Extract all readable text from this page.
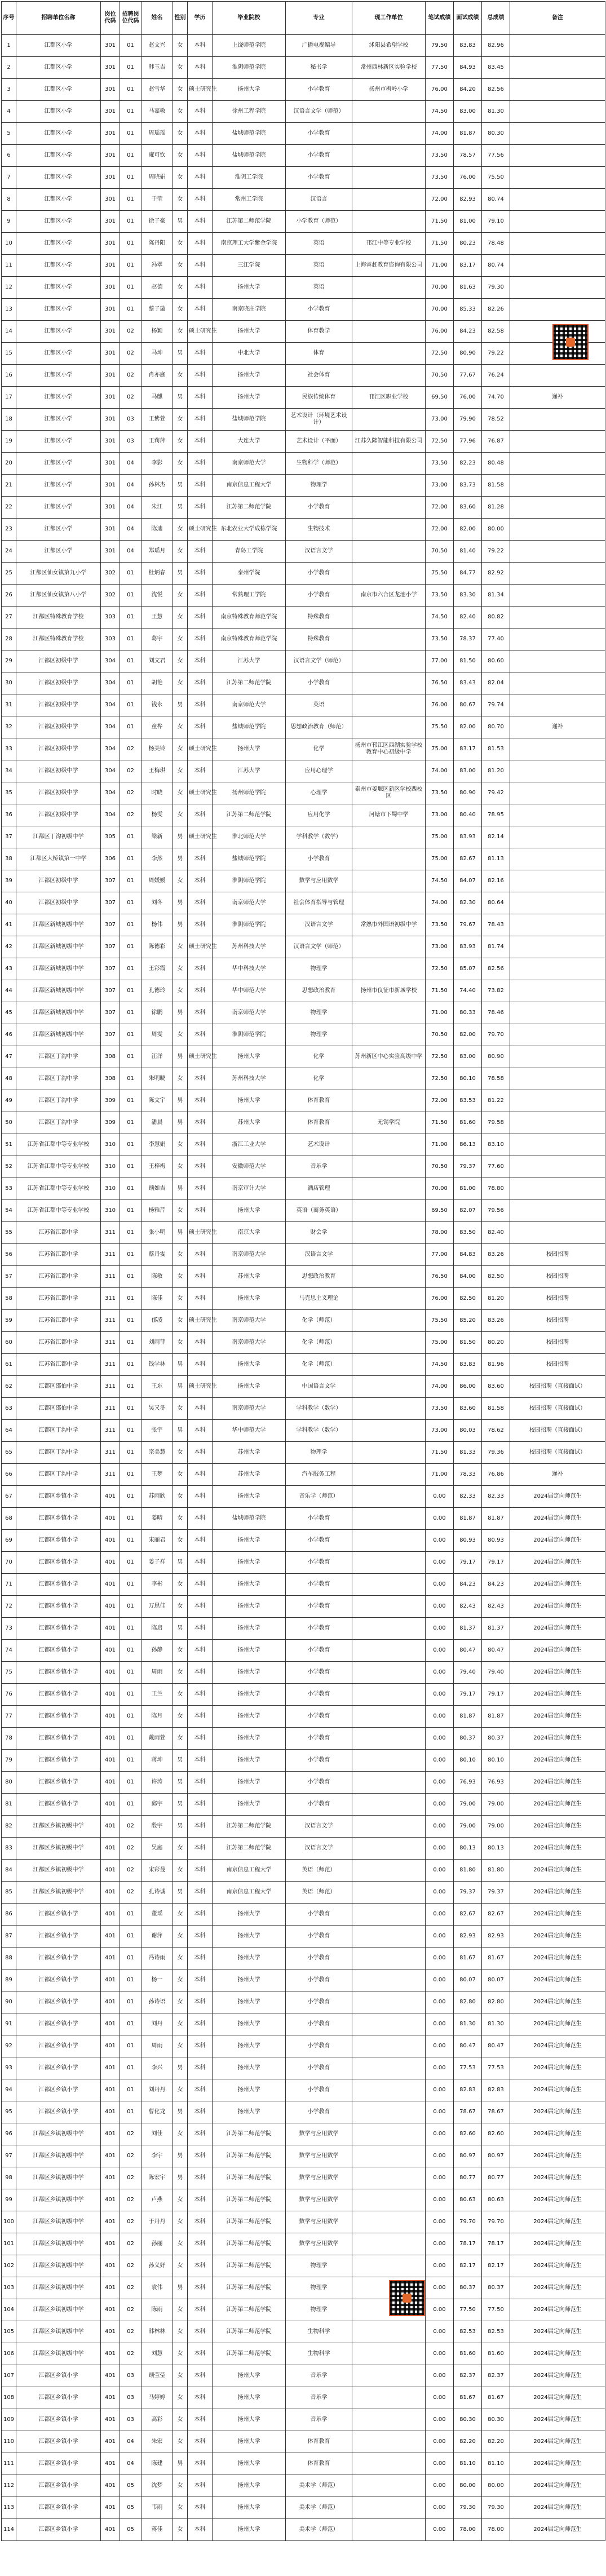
序号	招聘单位名称	岗位代码	招聘岗位代码	姓名	性别	学历	毕业院校	专业	现工作单位	笔试成绩	面试成绩	总成绩	备注
1	江都区小学	301	01	赵文兴	女	本科	上饶师范学院	广播电视编导	沭阳县希望学校	79.50	83.83	82.96	
2	江都区小学	301	01	韩玉吉	女	本科	淮阴师范学院	秘书学	常州西林新区实验学校	77.50	84.93	83.45	
3	江都区小学	301	01	赵雪华	女	硕士研究生	扬州大学	小学教育	扬州市梅岭小学	76.00	84.20	82.56	
4	江都区小学	301	01	马嘉敏	女	本科	徐州工程学院	汉语言文学（师范）		74.50	83.00	81.30	
5	江都区小学	301	01	周瑶瑶	女	本科	盐城师范学院	小学教育		74.00	81.87	80.30	
6	江都区小学	301	01	雍可钦	女	本科	盐城师范学院	小学教育		73.50	78.57	77.56	
7	江都区小学	301	01	周晓娟	女	本科	淮阴工学院	小学教育		73.50	76.00	75.50	
8	江都区小学	301	01	于莹	女	本科	常州工学院	汉语言		72.00	82.93	80.74	
9	江都区小学	301	01	徐子豪	男	本科	江苏第二师范学院	小学教育（师范）		71.50	81.00	79.10	
10	江都区小学	301	01	陈丹阳	女	本科	南京理工大学紫金学院	英语	邗江中等专业学校	71.50	80.23	78.48	
11	江都区小学	301	01	冯翠	女	本科	三江学院	英语	上海睿赶教育咨询有限公司	71.00	83.17	80.74	
12	江都区小学	301	01	赵德	女	本科	扬州大学	英语		70.00	81.63	79.30	
13	江都区小学	301	01	蔡子璇	女	本科	南京晓庄学院	小学教育		70.00	85.33	82.26	
14	江都区小学	301	02	杨颖	女	硕士研究生	扬州大学	体育教学		76.00	84.23	82.58	
15	江都区小学	301	02	马坤	男	本科	中北大学	体育		72.50	80.90	79.22	
16	江都区小学	301	02	肖亦庭	女	本科	扬州大学	社会体育		70.50	77.67	76.24	
17	江都区小学	301	02	马麒	男	本科	扬州大学	民族传统体育	邗江区职业学校	69.50	76.00	74.70	递补
18	江都区小学	301	03	王紫萱	女	本科	盐城师范学院	艺术设计（环境艺术设计）		73.00	79.90	78.52	
19	江都区小学	301	03	王莉萍	女	本科	大连大学	艺术设计（平面）	江苏久隆智能科技有限公司	72.50	77.96	76.87	
20	江都区小学	301	04	李影	女	本科	南京师范大学	生物科学（师范）		73.50	82.23	80.48	
21	江都区小学	301	04	孙林杰	男	本科	南京信息工程大学	物理学		73.00	83.73	81.58	
22	江都区小学	301	04	朱江	男	本科	江苏第二师范学院	小学教育		72.00	83.60	81.28	
23	江都区小学	301	04	陈迪	女	硕士研究生	东北农业大学成栋学院	生物技术		72.00	82.00	80.00	
24	江都区小学	301	04	郑瑶月	女	本科	青岛工学院	汉语言文学		70.50	81.40	79.22	
25	江都区仙女镇第九小学	302	01	杜炳春	男	本科	泰州学院	小学教育		75.50	84.77	82.92	
26	江都区仙女镇第八小学	302	01	沈悦	女	本科	常熟理工学院	小学教育	南京市六合区龙池小学	73.50	83.30	81.34	
27	江都区特殊教育学校	303	01	王慧	女	本科	南京特殊教育师范学院	特殊教育		74.50	82.40	80.82	
28	江都区特殊教育学校	303	01	葛宇	女	本科	南京特殊教育师范学院	特殊教育		73.50	78.37	77.40	
29	江都区初级中学	304	01	刘文君	女	本科	江苏大学	汉语言文学（师范）		77.00	81.50	80.60	
30	江都区初级中学	304	01	胡艳	女	本科	江苏第二师范学院	小学教育		76.50	83.43	82.04	
31	江都区初级中学	304	01	钱永	男	本科	南京师范大学	英语		76.00	80.67	79.74	
32	江都区初级中学	304	01	童桦	女	本科	盐城师范学院	思想政治教育（师范）		75.50	82.00	80.70	递补
33	江都区初级中学	304	02	杨美铃	女	硕士研究生	扬州大学	化学	扬州市邗江区西湖实验学校教育中心初级中学	75.00	83.17	81.53	
34	江都区初级中学	304	02	王梅琪	女	本科	江苏大学	应用心理学		74.00	83.00	81.20	
35	江都区初级中学	304	02	时晓	女	硕士研究生	扬州师范学院	心理学	泰州市姜堰区新区学校西校区	73.50	80.90	79.42	
36	江都区初级中学	304	02	杨雯	女	本科	江苏第二师范学院	应用化学	河塘市下蜀中学	73.00	80.40	78.95	
37	江都区丁沟初级中学	305	01	梁新	男	硕士研究生	淮北师范大学	学科教学（数学）		75.00	83.93	82.14	
38	江都区大桥镇第一中学	306	01	李然	男	本科	盐城师范学院	小学教育		75.00	82.67	81.13	
39	江都区初级中学	307	01	周媛媛	女	本科	淮阴师范学院	数学与应用数学		74.50	84.07	82.16	
40	江都区初级中学	307	01	刘冬	男	本科	南京师范大学	社会体育指导与管理		74.00	82.30	80.64	
41	江都区新城初级中学	307	01	杨伟	男	本科	淮阴师范学院	汉语言文学	常熟市外国语初级中学	73.50	79.67	78.43	
42	江都区新城初级中学	307	01	陈德彩	女	硕士研究生	苏州科技大学	汉语言文学（师范）		73.00	83.93	81.74	
43	江都区新城初级中学	307	01	王彩霞	女	本科	华中科技大学	物理学		72.50	85.07	82.56	
44	江都区新城初级中学	307	01	孔德玲	女	本科	华中师范大学	思想政治教育	扬州市仪征市新城学校	71.50	74.40	73.82	
45	江都区新城初级中学	307	01	徐鹏	男	本科	南京师范大学	物理学		71.00	80.33	78.46	
46	江都区新城初级中学	307	01	周雯	女	本科	淮阴师范学院	物理学		70.50	82.00	79.70	
47	江都区丁沟中学	308	01	汪洋	男	硕士研究生	扬州大学	化学	苏州新区中心实验高级中学	72.50	83.00	80.90	
48	江都区丁沟中学	308	01	朱明晓	女	本科	苏州科技大学	化学		72.50	80.10	78.58	
49	江都区丁沟中学	309	01	陈文宇	男	本科	扬州大学	体育教育		72.00	83.53	81.22	
50	江都区丁沟中学	309	01	潘晨	男	本科	苏州大学	体育教育	无锡学院	71.50	81.60	79.58	
51	江苏省江都中等专业学校	310	01	李慧娟	女	本科	浙江工业大学	艺术设计		71.00	86.13	83.10	
52	江苏省江都中等专业学校	310	01	王梓梅	女	本科	安徽师范大学	音乐学		70.50	79.37	77.60	
53	江苏省江都中等专业学校	310	01	顾如吉	男	本科	南京审计大学	酒店管理		70.00	81.00	78.80	
54	江苏省江都中等专业学校	310	01	杨雅芹	女	本科	扬州大学	英语（商务英语）		69.50	82.07	79.56	
55	江苏省江都中学	311	01	张小明	男	硕士研究生	南京大学	财会学		78.00	83.50	82.40	
56	江苏省江都中学	311	01	蔡丹雯	女	本科	南京师范大学	汉语言文学		77.00	84.83	83.26	校园招聘
57	江苏省江都中学	311	01	陈敏	女	本科	苏州大学	思想政治教育		76.50	84.00	82.50	校园招聘
58	江苏省江都中学	311	01	陈佳	女	本科	扬州大学	马克思主义理论		76.00	82.50	81.20	校园招聘
59	江苏省江都中学	311	01	郁凌	女	硕士研究生	南京师范大学	化学（师范）		75.50	85.20	83.26	校园招聘
60	江苏省江都中学	311	01	刘雨菲	女	本科	南京师范大学	化学（师范）		75.00	81.50	80.20	校园招聘
61	江苏省江都中学	311	01	钱学林	男	本科	扬州大学	化学（师范）		74.50	83.83	81.96	校园招聘
62	江都区邵伯中学	311	01	王东	男	硕士研究生	扬州大学	中国语言文学		74.00	86.00	83.60	校园招聘（直接面试）
63	江都区邵伯中学	311	01	吴又冬	女	本科	南京师范大学	学科教学（数学）		73.50	83.60	81.58	校园招聘（直接面试）
64	江都区丁沟中学	311	01	张宇	男	本科	华中师范大学	学科教学（数学）		73.00	80.03	78.62	校园招聘（直接面试）
65	江都区丁沟中学	311	01	宗美慧	女	本科	苏州大学	物理学		71.50	81.33	79.36	校园招聘（直接面试）
66	江都区丁沟中学	311	01	王梦	女	本科	苏州大学	汽车服务工程		71.00	78.33	76.86	递补
67	江都区乡镇小学	401	01	苏雨欣	女	本科	扬州大学	音乐学（师范）		0.00	82.33	82.33	2024届定向师范生
68	江都区乡镇小学	401	01	姜晴	女	本科	盐城师范学院	小学教育		0.00	81.87	81.87	2024届定向师范生
69	江都区乡镇小学	401	01	宋丽君	女	本科	扬州大学	小学教育		0.00	80.93	80.93	2024届定向师范生
70	江都区乡镇小学	401	01	姜子祥	男	本科	扬州大学	小学教育		0.00	79.17	79.17	2024届定向师范生
71	江都区乡镇小学	401	01	李彬	女	本科	扬州大学	小学教育		0.00	84.23	84.23	2024届定向师范生
72	江都区乡镇小学	401	01	万思佳	女	本科	扬州大学	小学教育		0.00	82.43	82.43	2024届定向师范生
73	江都区乡镇小学	401	01	陈启	男	本科	扬州大学	小学教育		0.00	81.37	81.37	2024届定向师范生
74	江都区乡镇小学	401	01	孙静	女	本科	扬州大学	小学教育		0.00	80.47	80.47	2024届定向师范生
75	江都区乡镇小学	401	01	周雨	女	本科	扬州大学	小学教育		0.00	79.40	79.40	2024届定向师范生
76	江都区乡镇小学	401	01	王兰	女	本科	扬州大学	小学教育		0.00	79.17	79.17	2024届定向师范生
77	江都区乡镇小学	401	01	陈月	女	本科	扬州大学	小学教育		0.00	81.87	81.87	2024届定向师范生
78	江都区乡镇小学	401	01	戴雨萱	女	本科	扬州大学	小学教育		0.00	80.37	80.37	2024届定向师范生
79	江都区乡镇小学	401	01	蒋坤	男	本科	扬州大学	小学教育		0.00	80.10	80.10	2024届定向师范生
80	江都区乡镇小学	401	01	许涛	男	本科	扬州大学	小学教育		0.00	76.93	76.93	2024届定向师范生
81	江都区乡镇小学	401	01	邱宇	男	本科	扬州大学	小学教育		0.00	79.00	79.00	2024届定向师范生
82	江都区乡镇初级中学	401	02	殷宇	男	本科	江苏第二师范学院	汉语言文学		0.00	79.00	79.00	2024届定向师范生
83	江都区乡镇初级中学	401	02	吴庭	女	本科	江苏第二师范学院	汉语言文学		0.00	80.13	80.13	2024届定向师范生
84	江都区乡镇初级中学	401	02	宋彩曼	女	本科	南京信息工程大学	英语（师范）		0.00	81.80	81.80	2024届定向师范生
85	江都区乡镇初级中学	401	02	孔诗诚	男	本科	南京信息工程大学	英语（师范）		0.00	79.37	79.37	2024届定向师范生
86	江都区乡镇小学	401	01	董瑶	女	本科	扬州大学	小学教育		0.00	82.67	82.67	2024届定向师范生
87	江都区乡镇小学	401	01	谢萍	女	本科	扬州大学	小学教育		0.00	82.93	82.93	2024届定向师范生
88	江都区乡镇小学	401	01	冯诗雨	女	本科	扬州大学	小学教育		0.00	81.67	81.67	2024届定向师范生
89	江都区乡镇小学	401	01	杨一	女	本科	扬州大学	小学教育		0.00	80.07	80.07	2024届定向师范生
90	江都区乡镇小学	401	01	孙诗语	女	本科	扬州大学	小学教育		0.00	82.80	82.80	2024届定向师范生
91	江都区乡镇小学	401	01	刘丹	女	本科	扬州大学	小学教育		0.00	81.30	81.30	2024届定向师范生
92	江都区乡镇小学	401	01	周雨	女	本科	扬州大学	小学教育		0.00	80.47	80.47	2024届定向师范生
93	江都区乡镇小学	401	01	李兴	男	本科	扬州大学	小学教育		0.00	77.53	77.53	2024届定向师范生
94	江都区乡镇小学	401	01	刘丹丹	女	本科	扬州大学	小学教育		0.00	82.83	82.83	2024届定向师范生
95	江都区乡镇小学	401	01	曹化龙	男	本科	扬州大学	小学教育		0.00	78.67	78.67	2024届定向师范生
96	江都区乡镇初级中学	401	02	刘佳	女	本科	江苏第二师范学院	数学与应用数学		0.00	82.60	82.60	2024届定向师范生
97	江都区乡镇初级中学	401	02	李宇	男	本科	江苏第二师范学院	数学与应用数学		0.00	80.97	80.97	2024届定向师范生
98	江都区乡镇初级中学	401	02	陈宏宇	男	本科	江苏第二师范学院	数学与应用数学		0.00	80.77	80.77	2024届定向师范生
99	江都区乡镇初级中学	401	02	卢燕	女	本科	江苏第二师范学院	数学与应用数学		0.00	80.63	80.63	2024届定向师范生
100	江都区乡镇初级中学	401	02	于丹丹	女	本科	江苏第二师范学院	数学与应用数学		0.00	79.70	79.70	2024届定向师范生
101	江都区乡镇初级中学	401	02	孙丽	女	本科	江苏第二师范学院	数学与应用数学		0.00	78.17	78.17	2024届定向师范生
102	江都区乡镇初级中学	401	02	孙义妤	女	本科	江苏第二师范学院	物理学		0.00	82.17	82.17	2024届定向师范生
103	江都区乡镇初级中学	401	02	袁伟	男	本科	江苏第二师范学院	物理学		0.00	80.37	80.37	2024届定向师范生
104	江都区乡镇初级中学	401	02	陈雨	女	本科	江苏第二师范学院	物理学		0.00	77.50	77.50	2024届定向师范生
105	江都区乡镇初级中学	401	02	韩林林	女	本科	江苏第二师范学院	生物科学		0.00	82.53	82.53	2024届定向师范生
106	江都区乡镇初级中学	401	02	刘慧	女	本科	江苏第二师范学院	生物科学		0.00	81.60	81.60	2024届定向师范生
107	江都区乡镇小学	401	03	顾莹莹	女	本科	扬州大学	音乐学		0.00	82.37	82.37	2024届定向师范生
108	江都区乡镇小学	401	03	马婷婷	女	本科	扬州大学	音乐学		0.00	81.67	81.67	2024届定向师范生
109	江都区乡镇小学	401	03	高彩	女	本科	扬州大学	音乐学		0.00	80.30	80.30	2024届定向师范生
110	江都区乡镇小学	401	04	朱宏	女	本科	扬州大学	体育教育		0.00	82.20	82.20	2024届定向师范生
111	江都区乡镇小学	401	04	陈建	男	本科	扬州大学	体育教育		0.00	81.10	81.10	2024届定向师范生
112	江都区乡镇小学	401	05	沈梦	女	本科	扬州大学	美术学（师范）		0.00	80.00	80.00	2024届定向师范生
113	江都区乡镇小学	401	05	韦雨	女	本科	扬州大学	美术学（师范）		0.00	79.30	79.30	2024届定向师范生
114	江都区乡镇小学	401	05	蒋佳	女	本科	扬州大学	美术学（师范）		0.00	78.00	78.00	2024届定向师范生
